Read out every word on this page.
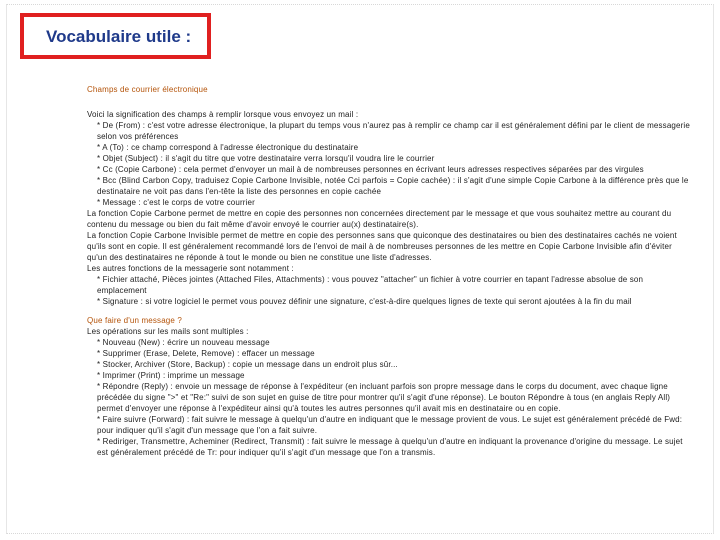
Vocabulaire utile :

Champs de courrier électronique

Voici la signification des champs à remplir lorsque vous envoyez un mail :

* De (From) : c'est votre adresse électronique, la plupart du temps vous n'aurez pas à remplir ce champ car il est généralement défini par le client de messagerie selon vos préférences

* A (To) : ce champ correspond à l'adresse électronique du destinataire

* Objet (Subject) : il s'agit du titre que votre destinataire verra lorsqu'il voudra lire le courrier

* Cc (Copie Carbone) : cela permet d'envoyer un mail à de nombreuses personnes en écrivant leurs adresses respectives séparées par des virgules

* Bcc (Blind Carbon Copy, traduisez Copie Carbone Invisible, notée Cci parfois = Copie cachée) : il s'agit d'une simple Copie Carbone à la différence près que le destinataire ne voit pas dans l'en-tête la liste des personnes en copie cachée

* Message : c'est le corps de votre courrier

La fonction Copie Carbone permet de mettre en copie des personnes non concernées directement par le message et que vous souhaitez mettre au courant du contenu du message ou bien du fait même d'avoir envoyé le courrier au(x) destinataire(s).

La fonction Copie Carbone Invisible permet de mettre en copie des personnes sans que quiconque des destinataires ou bien des destinataires cachés ne voient qu'ils sont en copie. Il est généralement recommandé lors de l'envoi de mail à de nombreuses personnes de les mettre en Copie Carbone Invisible afin d'éviter qu'un des destinataires ne réponde à tout le monde ou bien ne constitue une liste d'adresses.

Les autres fonctions de la messagerie sont notamment :

* Fichier attaché, Pièces jointes (Attached Files, Attachments) : vous pouvez "attacher" un fichier à votre courrier en tapant l'adresse absolue de son emplacement

* Signature : si votre logiciel le permet vous pouvez définir une signature, c'est-à-dire quelques lignes de texte qui seront ajoutées à la fin du mail

Que faire d'un message ?

Les opérations sur les mails sont multiples :

* Nouveau (New) : écrire un nouveau message

* Supprimer (Erase, Delete, Remove) : effacer un message

* Stocker, Archiver (Store, Backup) : copie un message dans un endroit plus sûr...

* Imprimer (Print) : imprime un message

* Répondre (Reply) : envoie un message de réponse à l'expéditeur (en incluant parfois son propre message dans le corps du document, avec chaque ligne précédée du signe ">" et "Re:" suivi de son sujet en guise de titre pour montrer qu'il s'agit d'une réponse). Le bouton Répondre à tous (en anglais Reply All) permet d'envoyer une réponse à l'expéditeur ainsi qu'à toutes les autres personnes qu'il avait mis en destinataire ou en copie.

* Faire suivre (Forward) : fait suivre le message à quelqu'un d'autre en indiquant que le message provient de vous. Le sujet est généralement précédé de Fwd: pour indiquer qu'il s'agit d'un message que l'on a fait suivre.

* Rediriger, Transmettre, Acheminer (Redirect, Transmit) : fait suivre le message à quelqu'un d'autre en indiquant la provenance d'origine du message. Le sujet est généralement précédé de Tr: pour indiquer qu'il s'agit d'un message que l'on a transmis.
